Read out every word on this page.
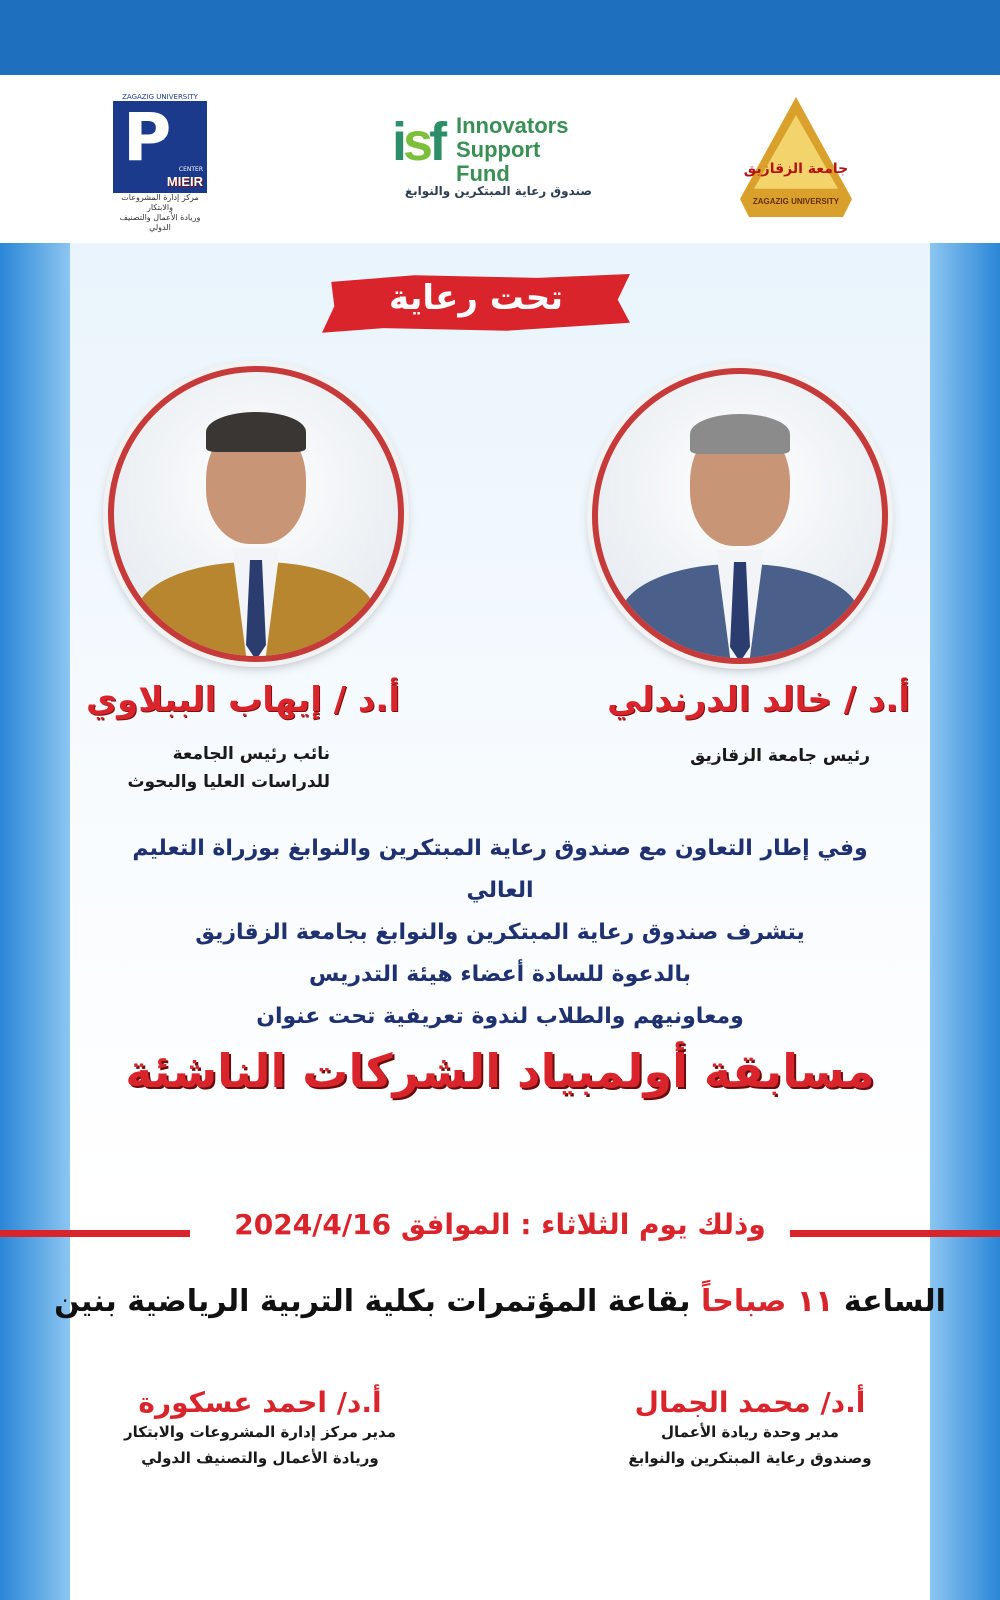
ZAGAZIG UNIVERSITY
P CENTER
MIEIR
مركز إدارة المشروعات والابتكار
وريادة الأعمال والتصنيف الدولي
isf Innovators
Support
Fund
صندوق رعاية المبتكرين والنوابغ
جامعة الزقازيق
ZAGAZIG UNIVERSITY
تحت رعاية
أ.د / خالد الدرندلي
رئيس جامعة الزقازيق
أ.د / إيهاب الببلاوي
نائب رئيس الجامعة
للدراسات العليا والبحوث
وفي إطار التعاون مع صندوق رعاية المبتكرين والنوابغ بوزراة التعليم العالي
يتشرف صندوق رعاية المبتكرين والنوابغ بجامعة الزقازيق
بالدعوة للسادة أعضاء هيئة التدريس
ومعاونيهم والطلاب لندوة تعريفية تحت عنوان
مسابقة أولمبياد الشركات الناشئة
وذلك يوم الثلاثاء : الموافق 2024/4/16
الساعة ١١ صباحاً بقاعة المؤتمرات بكلية التربية الرياضية بنين
أ.د/ محمد الجمال
مدير وحدة ريادة الأعمال
وصندوق رعاية المبتكرين والنوابغ
أ.د/ احمد عسكورة
مدير مركز إدارة المشروعات والابتكار
وريادة الأعمال والتصنيف الدولي
